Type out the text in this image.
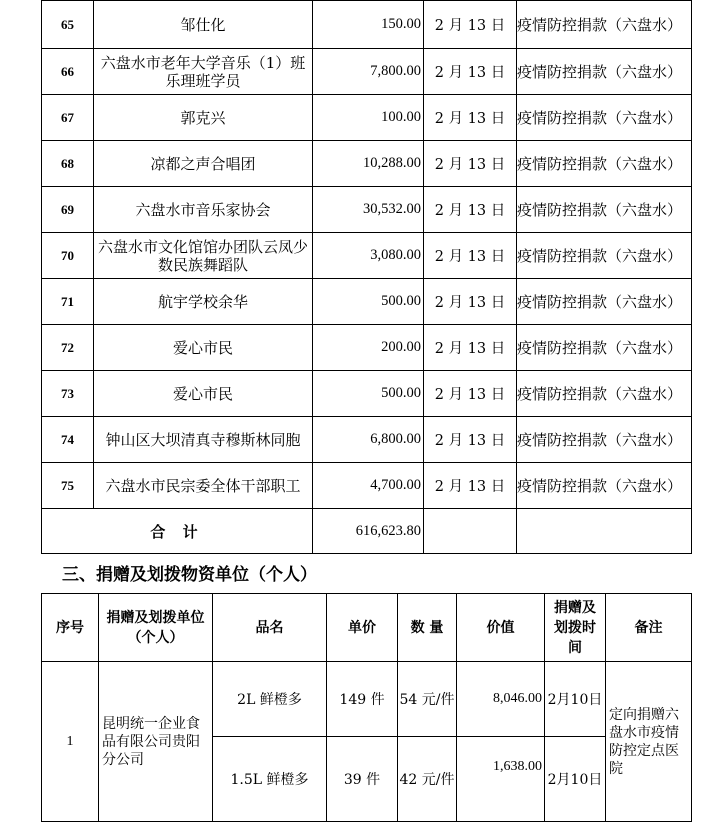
65	邹仕化	150.00	2 月 13 日	疫情防控捐款（六盘水）
66	六盘水市老年大学音乐（1）班乐理班学员	7,800.00	2 月 13 日	疫情防控捐款（六盘水）
67	郭克兴	100.00	2 月 13 日	疫情防控捐款（六盘水）
68	凉都之声合唱团	10,288.00	2 月 13 日	疫情防控捐款（六盘水）
69	六盘水市音乐家协会	30,532.00	2 月 13 日	疫情防控捐款（六盘水）
70	六盘水市文化馆馆办团队云凤少数民族舞蹈队	3,080.00	2 月 13 日	疫情防控捐款（六盘水）
71	航宇学校余华	500.00	2 月 13 日	疫情防控捐款（六盘水）
72	爱心市民	200.00	2 月 13 日	疫情防控捐款（六盘水）
73	爱心市民	500.00	2 月 13 日	疫情防控捐款（六盘水）
74	钟山区大坝清真寺穆斯林同胞	6,800.00	2 月 13 日	疫情防控捐款（六盘水）
75	六盘水市民宗委全体干部职工	4,700.00	2 月 13 日	疫情防控捐款（六盘水）
合 计		616,623.80		
三、捐赠及划拨物资单位（个人）
序号	捐赠及划拨单位（个人）	品名	单价	数 量	价值	捐赠及划拨时间	备注
1	昆明统一企业食品有限公司贵阳分公司	2L 鲜橙多	149 件	54 元/件	8,046.00	2月10日	定向捐赠六盘水市疫情防控定点医院
		1.5L 鲜橙多	39 件	42 元/件	1,638.00	2月10日	
